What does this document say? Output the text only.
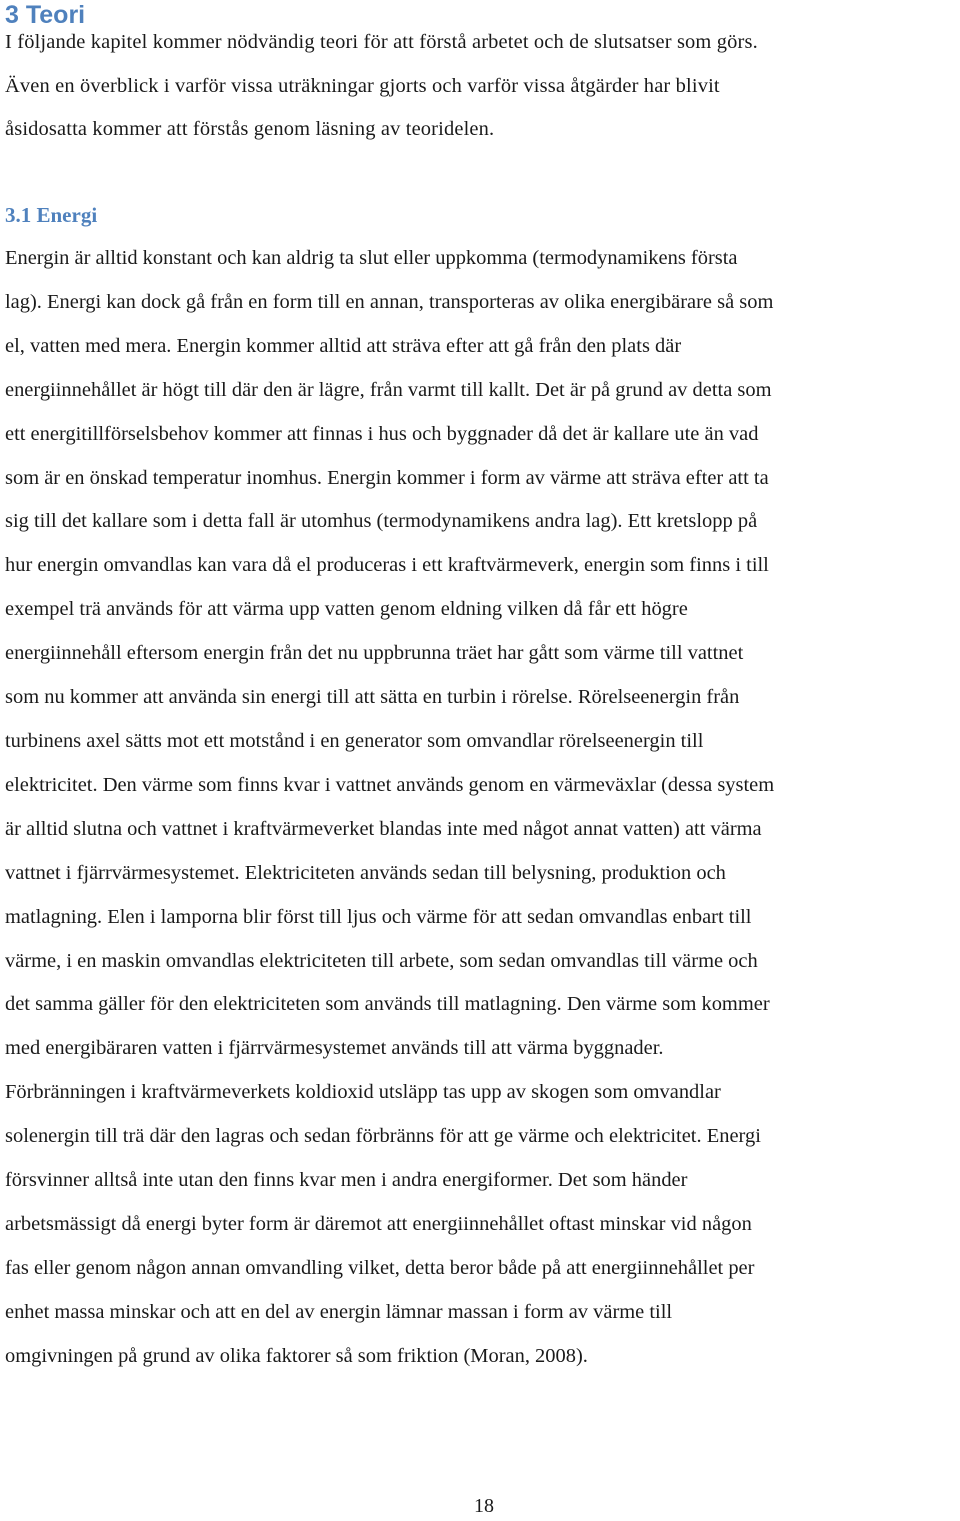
3 Teori

I följande kapitel kommer nödvändig teori för att förstå arbetet och de slutsatser som görs.
Även en överblick i varför vissa uträkningar gjorts och varför vissa åtgärder har blivit
åsidosatta kommer att förstås genom läsning av teoridelen.

3.1 Energi

Energin är alltid konstant och kan aldrig ta slut eller uppkomma (termodynamikens första
lag). Energi kan dock gå från en form till en annan, transporteras av olika energibärare så som
el, vatten med mera. Energin kommer alltid att sträva efter att gå från den plats där
energiinnehållet är högt till där den är lägre, från varmt till kallt. Det är på grund av detta som
ett energitillförselsbehov kommer att finnas i hus och byggnader då det är kallare ute än vad
som är en önskad temperatur inomhus. Energin kommer i form av värme att sträva efter att ta
sig till det kallare som i detta fall är utomhus (termodynamikens andra lag). Ett kretslopp på
hur energin omvandlas kan vara då el produceras i ett kraftvärmeverk, energin som finns i till
exempel trä används för att värma upp vatten genom eldning vilken då får ett högre
energiinnehåll eftersom energin från det nu uppbrunna träet har gått som värme till vattnet
som nu kommer att använda sin energi till att sätta en turbin i rörelse. Rörelseenergin från
turbinens axel sätts mot ett motstånd i en generator som omvandlar rörelseenergin till
elektricitet. Den värme som finns kvar i vattnet används genom en värmeväxlar (dessa system
är alltid slutna och vattnet i kraftvärmeverket blandas inte med något annat vatten) att värma
vattnet i fjärrvärmesystemet. Elektriciteten används sedan till belysning, produktion och
matlagning. Elen i lamporna blir först till ljus och värme för att sedan omvandlas enbart till
värme, i en maskin omvandlas elektriciteten till arbete, som sedan omvandlas till värme och
det samma gäller för den elektriciteten som används till matlagning. Den värme som kommer
med energibäraren vatten i fjärrvärmesystemet används till att värma byggnader.
Förbränningen i kraftvärmeverkets koldioxid utsläpp tas upp av skogen som omvandlar
solenergin till trä där den lagras och sedan förbränns för att ge värme och elektricitet. Energi
försvinner alltså inte utan den finns kvar men i andra energiformer. Det som händer
arbetsmässigt då energi byter form är däremot att energiinnehållet oftast minskar vid någon
fas eller genom någon annan omvandling vilket, detta beror både på att energiinnehållet per
enhet massa minskar och att en del av energin lämnar massan i form av värme till
omgivningen på grund av olika faktorer så som friktion (Moran, 2008).

18
